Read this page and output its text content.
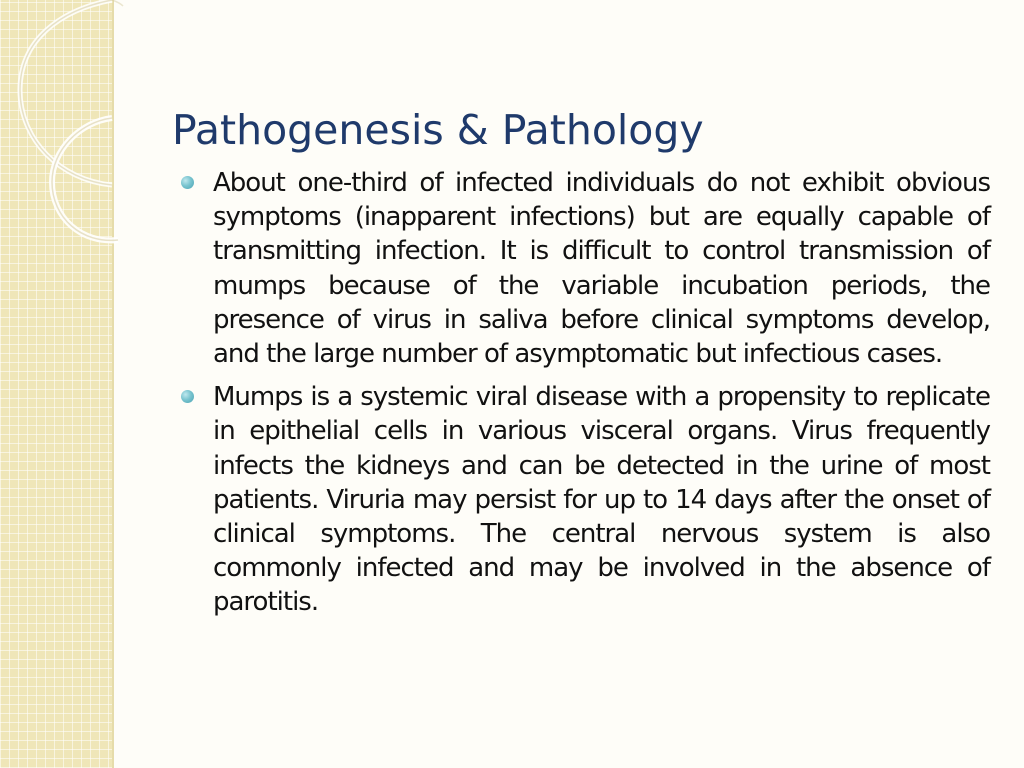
Pathogenesis & Pathology
About one-third of infected individuals do not exhibit obvious symptoms (inapparent infections) but are equally capable of transmitting infection. It is difficult to control transmission of mumps because of the variable incubation periods, the presence of virus in saliva before clinical symptoms develop, and the large number of asymptomatic but infectious cases.
Mumps is a systemic viral disease with a propensity to replicate in epithelial cells in various visceral organs. Virus frequently infects the kidneys and can be detected in the urine of most patients. Viruria may persist for up to 14 days after the onset of clinical symptoms. The central nervous system is also commonly infected and may be involved in the absence of parotitis.
